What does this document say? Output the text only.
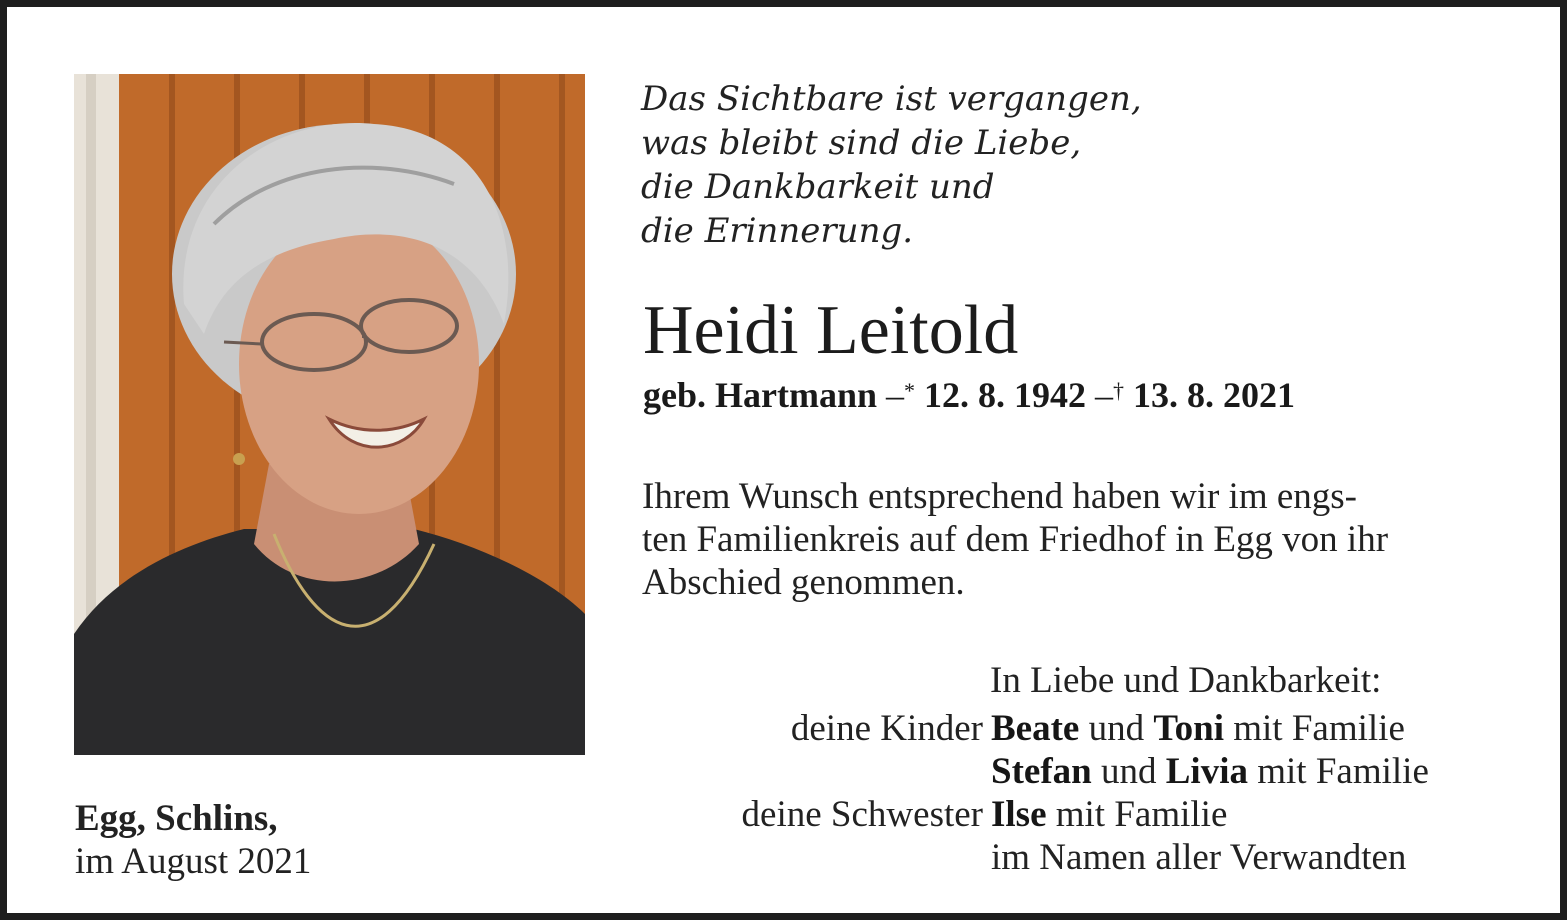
Das Sichtbare ist vergangen,
was bleibt sind die Liebe,
die Dankbarkeit und
die Erinnerung.
Heidi Leitold
geb. Hartmann –* 12. 8. 1942 –† 13. 8. 2021
Ihrem Wunsch entsprechend haben wir im engs-
ten Familienkreis auf dem Friedhof in Egg von ihr
Abschied genommen.
In Liebe und Dankbarkeit:
deine Kinder Beate und Toni mit Familie
Stefan und Livia mit Familie
deine Schwester Ilse mit Familie
im Namen aller Verwandten
Egg, Schlins,
im August 2021
